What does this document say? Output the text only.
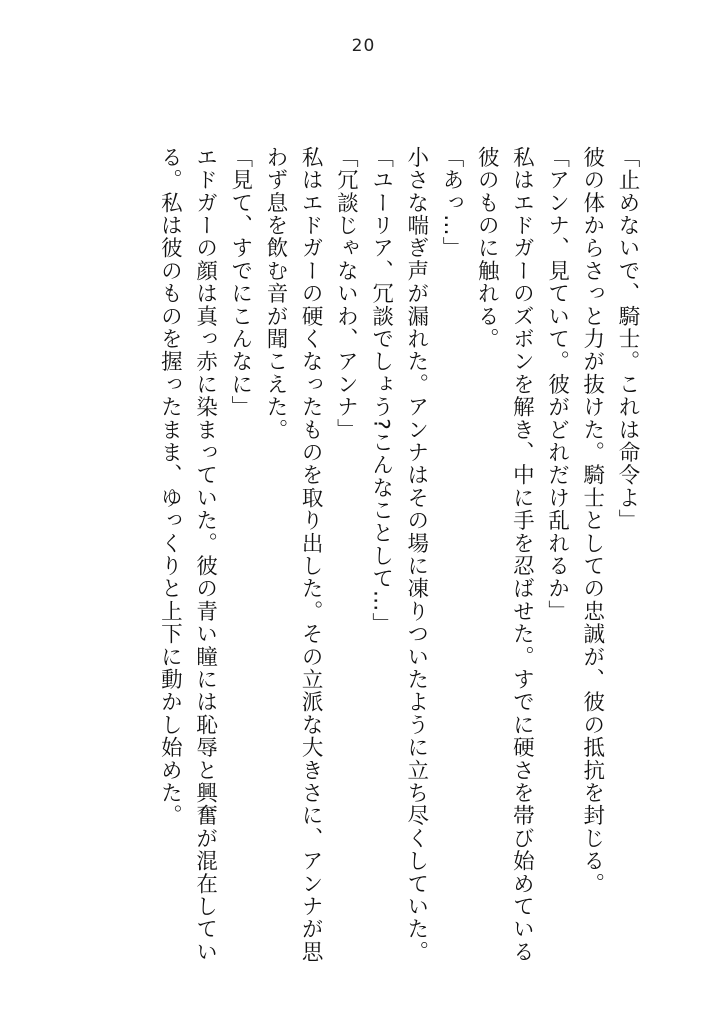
20

「止めないで、騎士。これは命令よ」

彼の体からさっと力が抜けた。騎士としての忠誠が、彼の抵抗を封じる。

「アンナ、見ていて。彼がどれだけ乱れるか」

私はエドガーのズボンを解き、中に手を忍ばせた。すでに硬さを帯び始めている彼のものに触れる。

「あっ…」

小さな喘ぎ声が漏れた。アンナはその場に凍りついたように立ち尽くしていた。

「ユーリア、冗談でしょう?こんなことして…」

「冗談じゃないわ、アンナ」

私はエドガーの硬くなったものを取り出した。その立派な大きさに、アンナが思わず息を飲む音が聞こえた。

「見て、すでにこんなに」

エドガーの顔は真っ赤に染まっていた。彼の青い瞳には恥辱と興奮が混在している。私は彼のものを握ったまま、ゆっくりと上下に動かし始めた。
